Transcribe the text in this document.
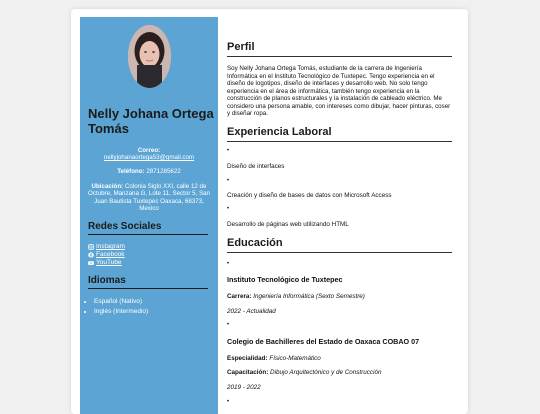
Nelly Johana Ortega Tomás
Correo:
nellyjohanaortega53@gmail.com
Teléfono: 2871285622
Ubicación: Colonia Siglo XXI, calle 12 de Octubre, Manzana G, Lote 11, Sector 5, San Juan Bautista Tuxtepec Oaxaca, 68373, Mexico
Redes Sociales
Instagram
Facebook
YouTube
Idiomas
• Español (Nativo)
• Inglés (Intermedio)
Perfil
Soy Nelly Johana Ortega Tomás, estudiante de la carrera de Ingeniería Informática en el Instituto Tecnológico de Tuxtepec. Tengo experiencia en el diseño de logotipos, diseño de interfaces y desarrollo web. No solo tengo experiencia en el área de informática, también tengo experiencia en la construcción de planos estructurales y la instalación de cableado eléctrico. Me considero una persona amable, con intereses como dibujar, hacer pinturas, coser y diseñar ropa.
Experiencia Laboral
•
Diseño de interfaces
•
Creación y diseño de bases de datos con Microsoft Access
•
Desarrollo de páginas web utilizando HTML
Educación
•
Instituto Tecnológico de Tuxtepec
Carrera: Ingeniería Informática (Sexto Semestre)
2022 - Actualidad
•
Colegio de Bachilleres del Estado de Oaxaca COBAO 07
Especialidad: Físico-Matemático
Capacitación: Dibujo Arquitectónico y de Construcción
2019 - 2022
•
